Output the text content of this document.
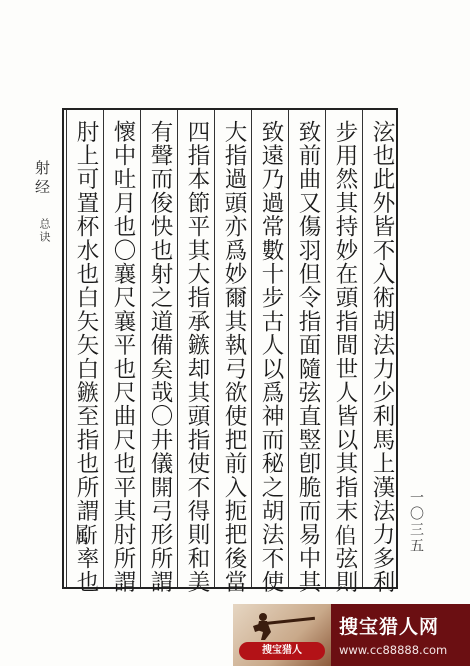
射经
总诀	泫也此外皆不入術胡法力少利馬上漢法力多利
步用然其持妙在頭指間世人皆以其指末𠈆弦則
致前曲又傷羽但令指面隨弦直竪卽脆而易中其
致遠乃過常數十步古人以爲神而秘之胡法不使
大指過頭亦爲妙爾其執弓欲使把前入扼把後當
四指本節平其大指承鏃却其頭指使不得則和美
有聲而俊快也射之道備矣哉〇井儀開弓形所謂
懷中吐月也〇襄尺襄平也尺曲尺也平其肘所謂
肘上可置杯水也白矢矢白鏃至指也所謂𣃁率也	一〇三五
搜宝猎人
搜宝猎人网
www.cc88888.com
